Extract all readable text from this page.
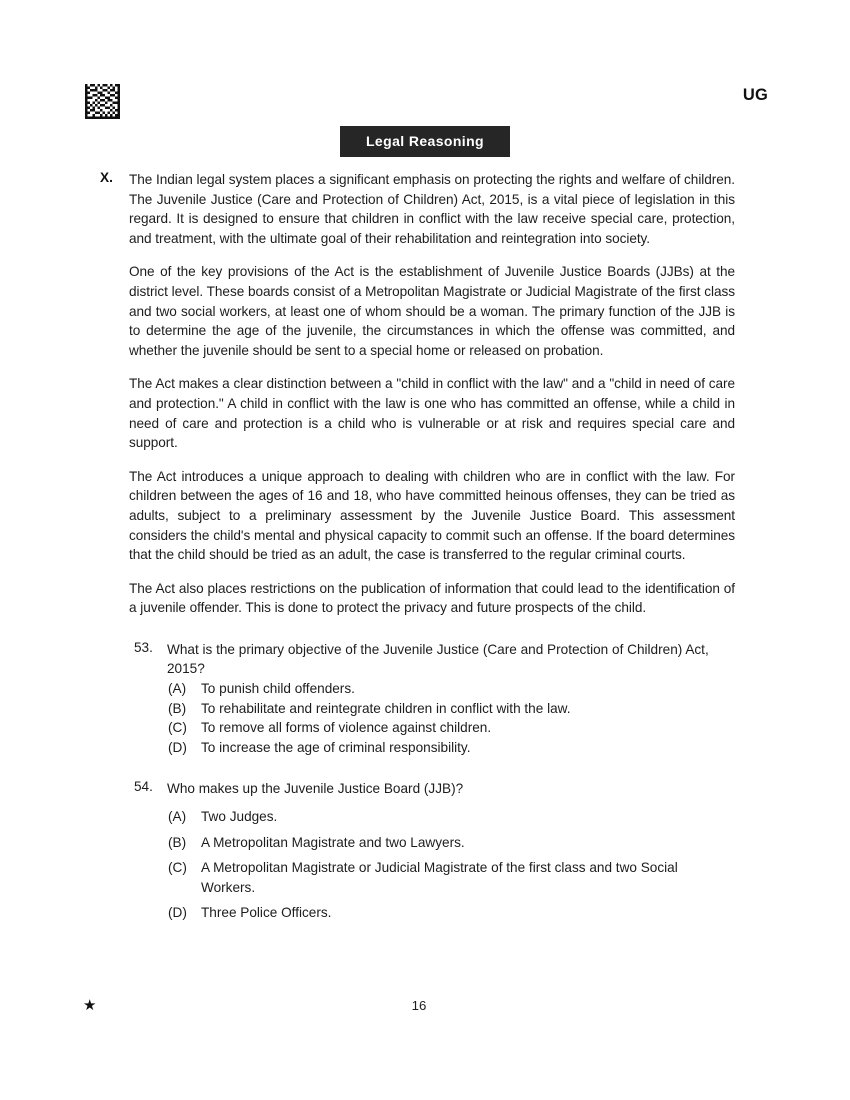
UG
Legal Reasoning
X. The Indian legal system places a significant emphasis on protecting the rights and welfare of children. The Juvenile Justice (Care and Protection of Children) Act, 2015, is a vital piece of legislation in this regard. It is designed to ensure that children in conflict with the law receive special care, protection, and treatment, with the ultimate goal of their rehabilitation and reintegration into society.

One of the key provisions of the Act is the establishment of Juvenile Justice Boards (JJBs) at the district level. These boards consist of a Metropolitan Magistrate or Judicial Magistrate of the first class and two social workers, at least one of whom should be a woman. The primary function of the JJB is to determine the age of the juvenile, the circumstances in which the offense was committed, and whether the juvenile should be sent to a special home or released on probation.

The Act makes a clear distinction between a "child in conflict with the law" and a "child in need of care and protection." A child in conflict with the law is one who has committed an offense, while a child in need of care and protection is a child who is vulnerable or at risk and requires special care and support.

The Act introduces a unique approach to dealing with children who are in conflict with the law. For children between the ages of 16 and 18, who have committed heinous offenses, they can be tried as adults, subject to a preliminary assessment by the Juvenile Justice Board. This assessment considers the child's mental and physical capacity to commit such an offense. If the board determines that the child should be tried as an adult, the case is transferred to the regular criminal courts.

The Act also places restrictions on the publication of information that could lead to the identification of a juvenile offender. This is done to protect the privacy and future prospects of the child.

53. What is the primary objective of the Juvenile Justice (Care and Protection of Children) Act, 2015?

(A) To punish child offenders.
(B) To rehabilitate and reintegrate children in conflict with the law.
(C) To remove all forms of violence against children.
(D) To increase the age of criminal responsibility.
54. Who makes up the Juvenile Justice Board (JJB)?

(A) Two Judges.
(B) A Metropolitan Magistrate and two Lawyers.
(C) A Metropolitan Magistrate or Judicial Magistrate of the first class and two Social Workers.
(D) Three Police Officers.
★	16
